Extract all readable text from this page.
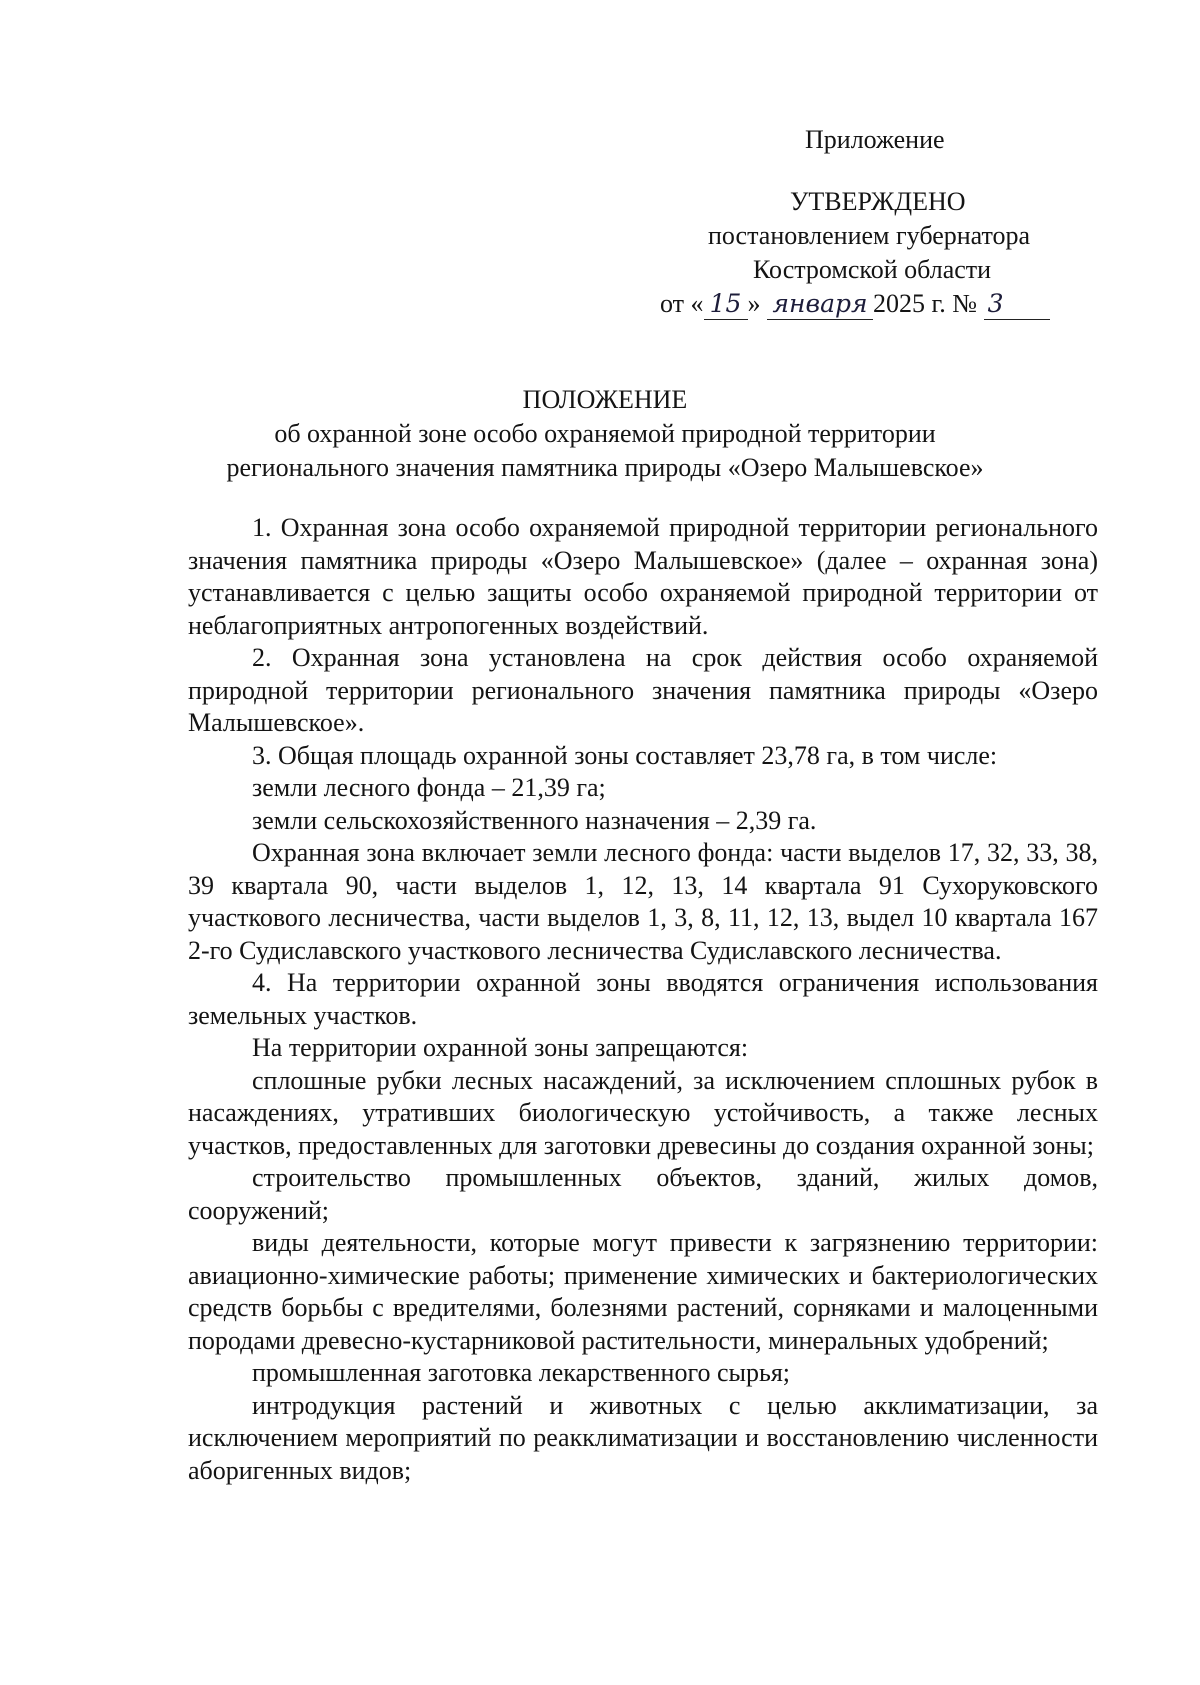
Приложение
УТВЕРЖДЕНО
постановлением губернатора
Костромской области
от « 15 » января 2025 г. № 3
ПОЛОЖЕНИЕ
об охранной зоне особо охраняемой природной территории
регионального значения памятника природы «Озеро Малышевское»

1. Охранная зона особо охраняемой природной территории регионального значения памятника природы «Озеро Малышевское» (далее – охранная зона) устанавливается с целью защиты особо охраняемой природной территории от неблагоприятных антропогенных воздействий.

2. Охранная зона установлена на срок действия особо охраняемой природной территории регионального значения памятника природы «Озеро Малышевское».

3. Общая площадь охранной зоны составляет 23,78 га, в том числе:

земли лесного фонда – 21,39 га;

земли сельскохозяйственного назначения – 2,39 га.

Охранная зона включает земли лесного фонда: части выделов 17, 32, 33, 38, 39 квартала 90, части выделов 1, 12, 13, 14 квартала 91 Сухоруковского участкового лесничества, части выделов 1, 3, 8, 11, 12, 13, выдел 10 квартала 167 2-го Судиславского участкового лесничества Судиславского лесничества.

4. На территории охранной зоны вводятся ограничения использования земельных участков.

На территории охранной зоны запрещаются:

сплошные рубки лесных насаждений, за исключением сплошных рубок в насаждениях, утративших биологическую устойчивость, а также лесных участков, предоставленных для заготовки древесины до создания охранной зоны;

строительство промышленных объектов, зданий, жилых домов, сооружений;

виды деятельности, которые могут привести к загрязнению территории: авиационно-химические работы; применение химических и бактериологических средств борьбы с вредителями, болезнями растений, сорняками и малоценными породами древесно-кустарниковой растительности, минеральных удобрений;

промышленная заготовка лекарственного сырья;

интродукция растений и животных с целью акклиматизации, за исключением мероприятий по реакклиматизации и восстановлению численности аборигенных видов;
